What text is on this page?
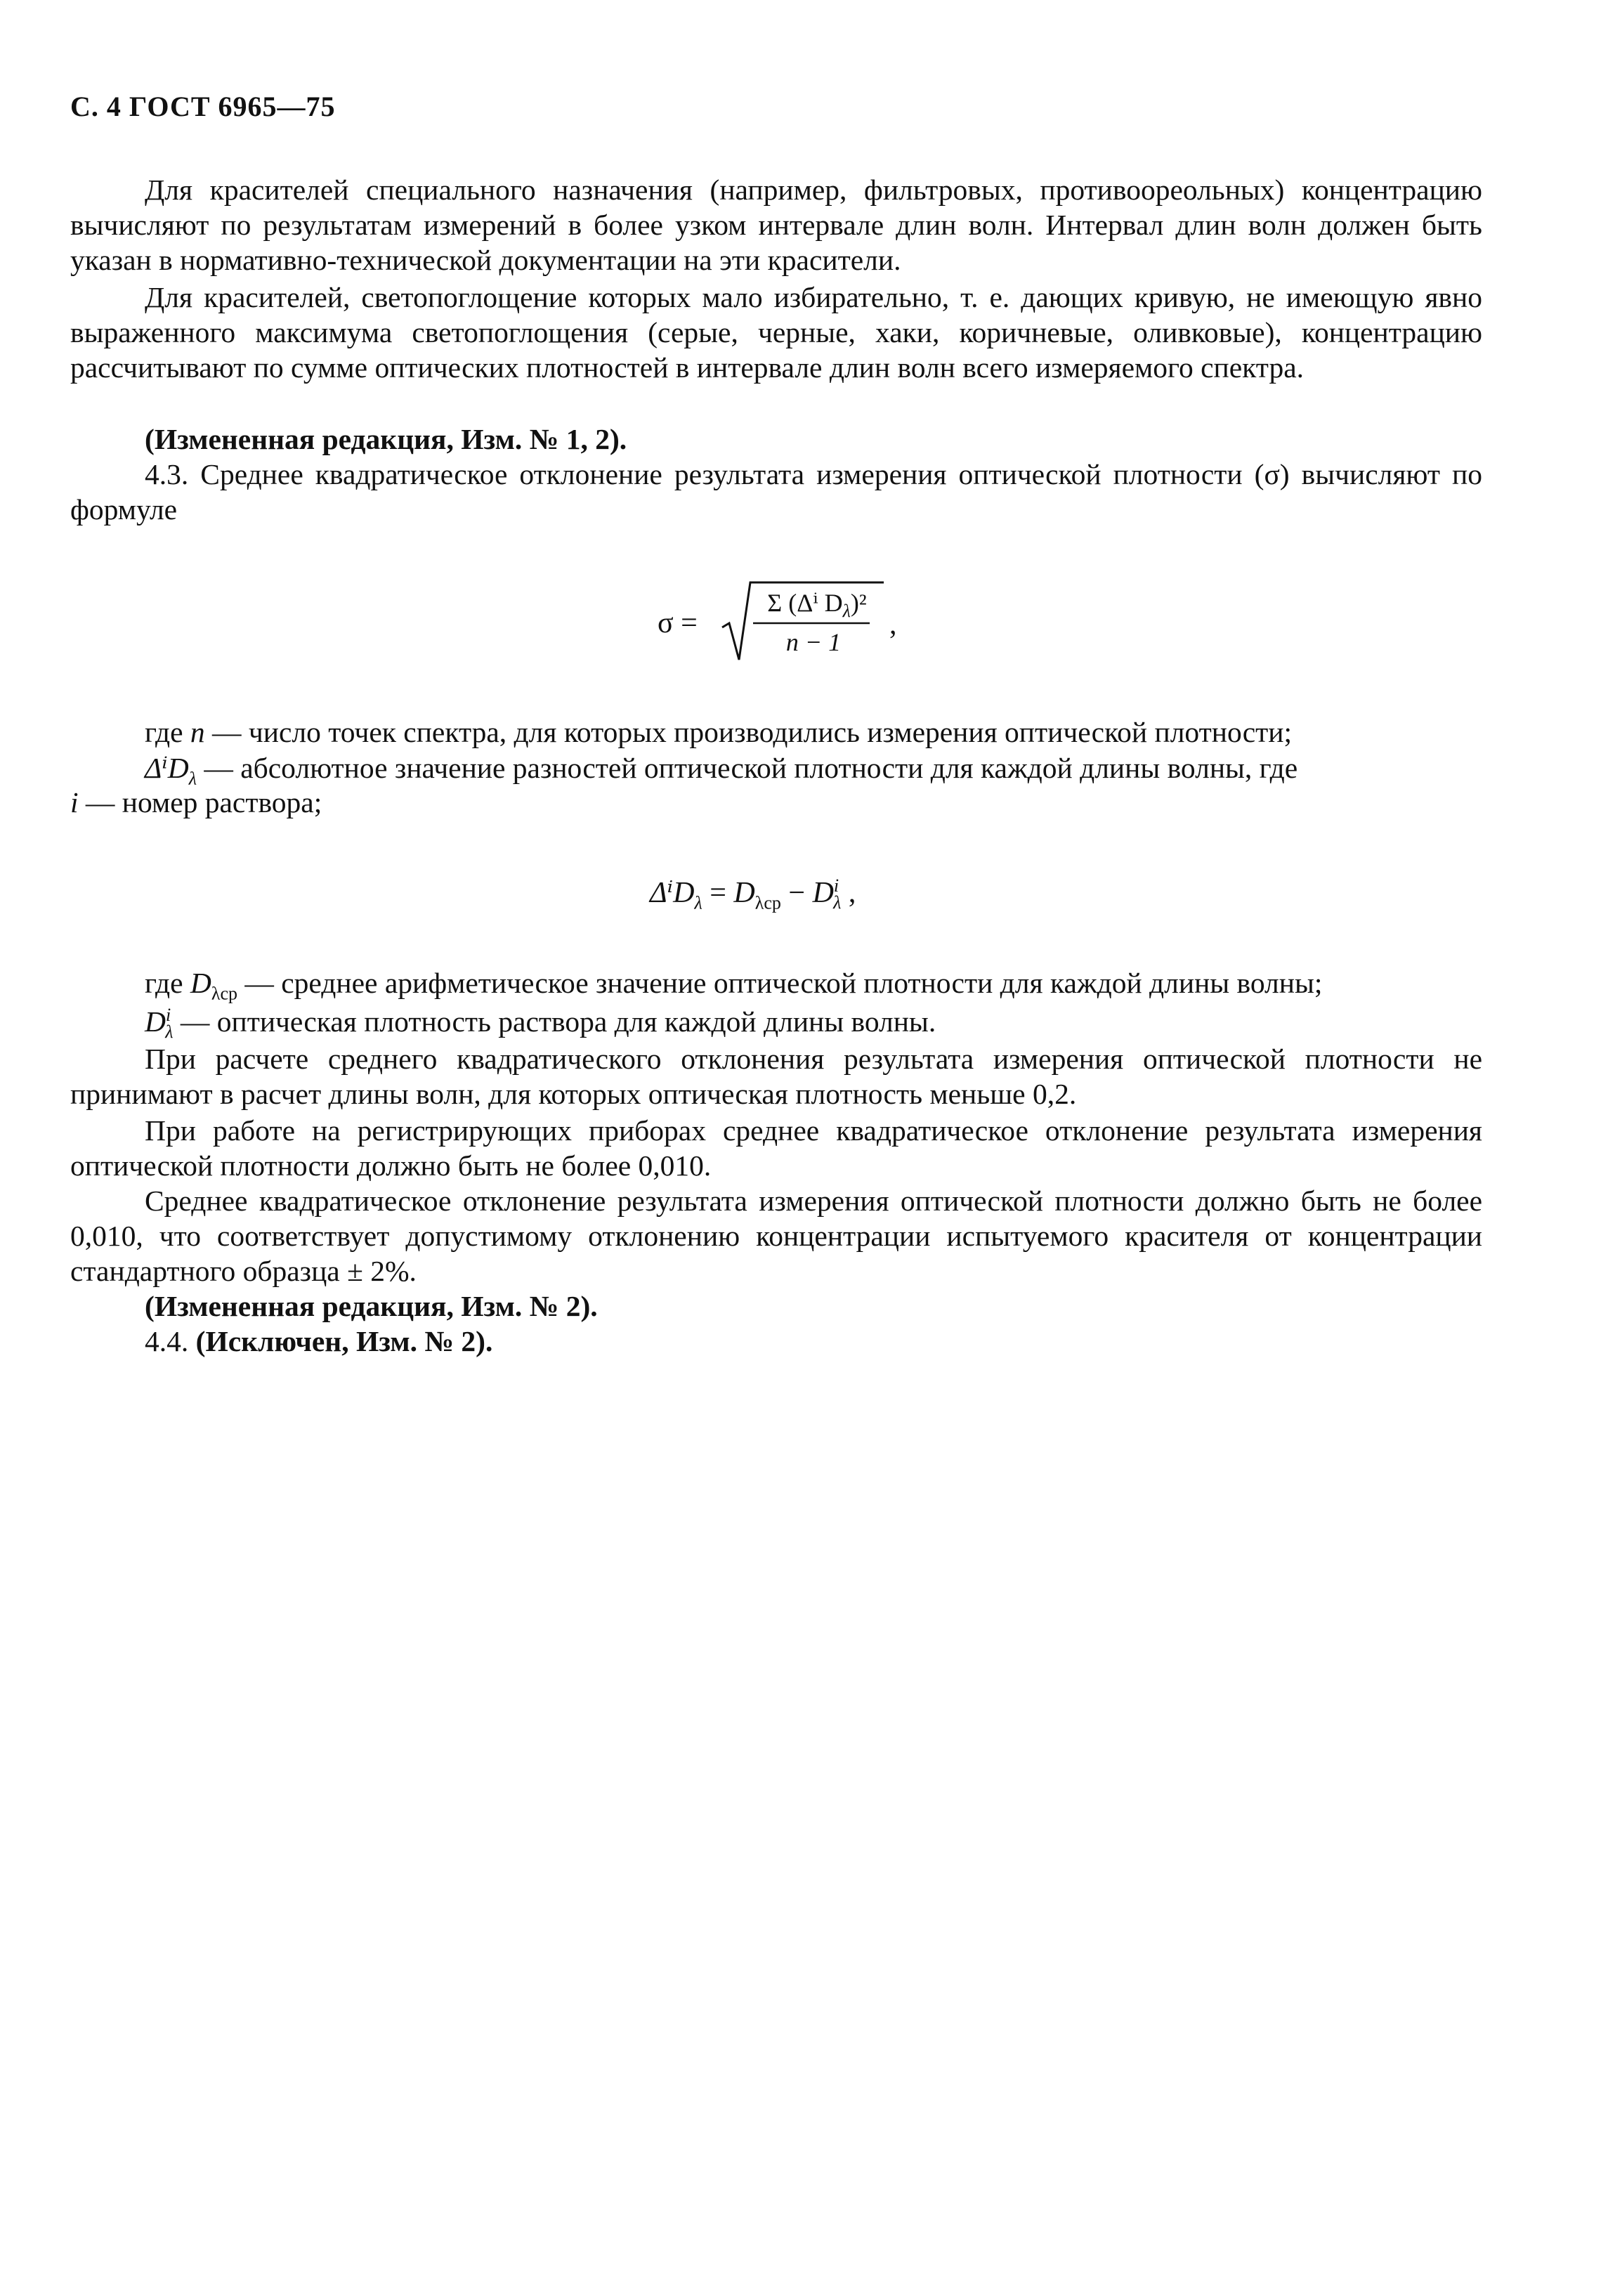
С. 4 ГОСТ 6965—75
Для красителей специального назначения (например, фильтровых, противоореольных) концентрацию вычисляют по результатам измерений в более узком интервале длин волн. Интервал длин волн должен быть указан в нормативно-технической документации на эти красители.
Для красителей, светопоглощение которых мало избирательно, т. е. дающих кривую, не имеющую явно выраженного максимума светопоглощения (серые, черные, хаки, коричневые, оливковые), концентрацию рассчитывают по сумме оптических плотностей в интервале длин волн всего измеряемого спектра.
(Измененная редакция, Изм. № 1, 2).
4.3. Среднее квадратическое отклонение результата измерения оптической плотности (σ) вычисляют по формуле
σ =
Σ (Δⁱ $D_\lambda)^2$
n − 1
,
где n — число точек спектра, для которых производились измерения оптической плотности;
ΔⁱD$_\lambda$ — абсолютное значение разностей оптической плотности для каждой длины волны, где
i — номер раствора;
$\Delta^iD_\lambda = D_{\lambda ср} - D^i_\lambda$ ,
где $D_{\lambda ср}$ — среднее арифметическое значение оптической плотности для каждой длины волны;
$D^i_\lambda$ — оптическая плотность раствора для каждой длины волны.
При расчете среднего квадратического отклонения результата измерения оптической плотности не принимают в расчет длины волн, для которых оптическая плотность меньше 0,2.
При работе на регистрирующих приборах среднее квадратическое отклонение результата измерения оптической плотности должно быть не более 0,010.
Среднее квадратическое отклонение результата измерения оптической плотности должно быть не более 0,010, что соответствует допустимому отклонению концентрации испытуемого красителя от концентрации стандартного образца ± 2%.
(Измененная редакция, Изм. № 2).
4.4. (Исключен, Изм. № 2).
